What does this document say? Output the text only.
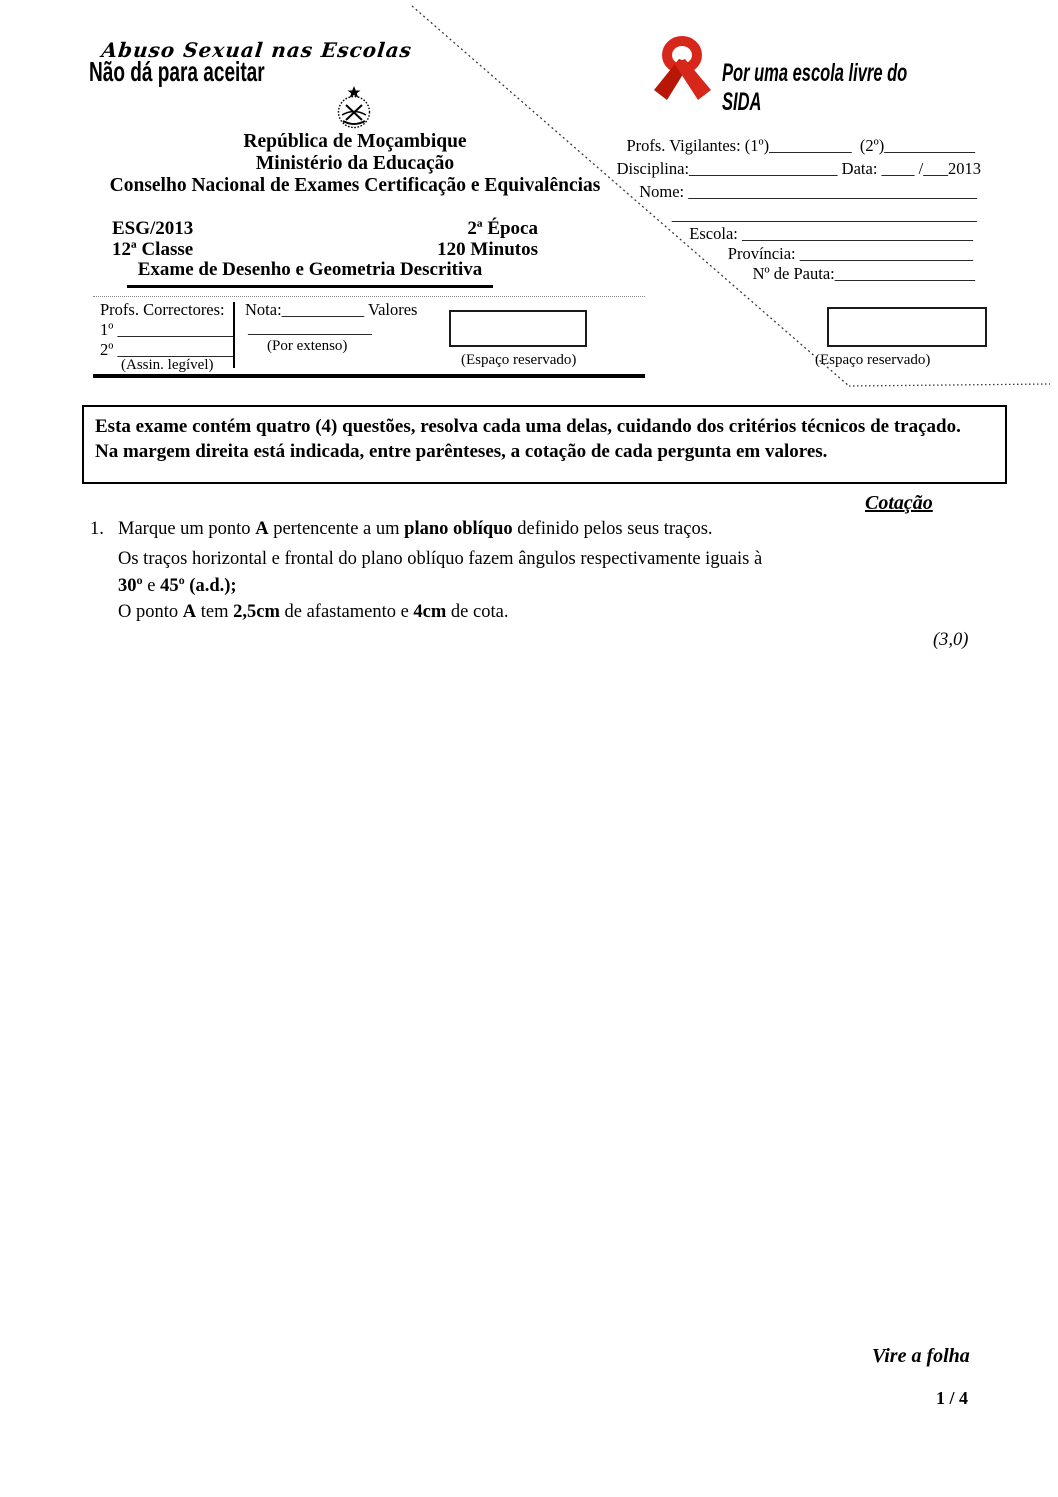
Abuso Sexual nas Escolas
Não dá para aceitar	Por uma escola livre do SIDA
República de Moçambique
Ministério da Educação
Conselho Nacional de Exames Certificação e Equivalências
ESG/2013
12ª Classe
2ª Época
120 Minutos
Exame de Desenho e Geometria Descritiva
Profs. Vigilantes: (1º)__________  (2º)___________
Disciplina:__________________ Data: ____ /___2013
Nome: ___________________________________
_____________________________________
Escola: ____________________________
Província: _____________________
Nº de Pauta:_________________
Profs. Correctores:
1º ______________
2º ______________
(Assin. legível)
Nota:__________ Valores
_______________
(Por extenso)
(Espaço reservado)	(Espaço reservado)
Esta exame contém quatro (4) questões, resolva cada uma delas, cuidando dos critérios técnicos de traçado.
Na margem direita está indicada, entre parênteses, a cotação de cada pergunta em valores.
Cotação
1. Marque um ponto A pertencente a um plano oblíquo definido pelos seus traços.
Os traços horizontal e frontal do plano oblíquo fazem ângulos respectivamente iguais à
30º e 45º (a.d.);
O ponto A tem 2,5cm de afastamento e 4cm de cota.
(3,0)
Vire a folha
1 / 4
